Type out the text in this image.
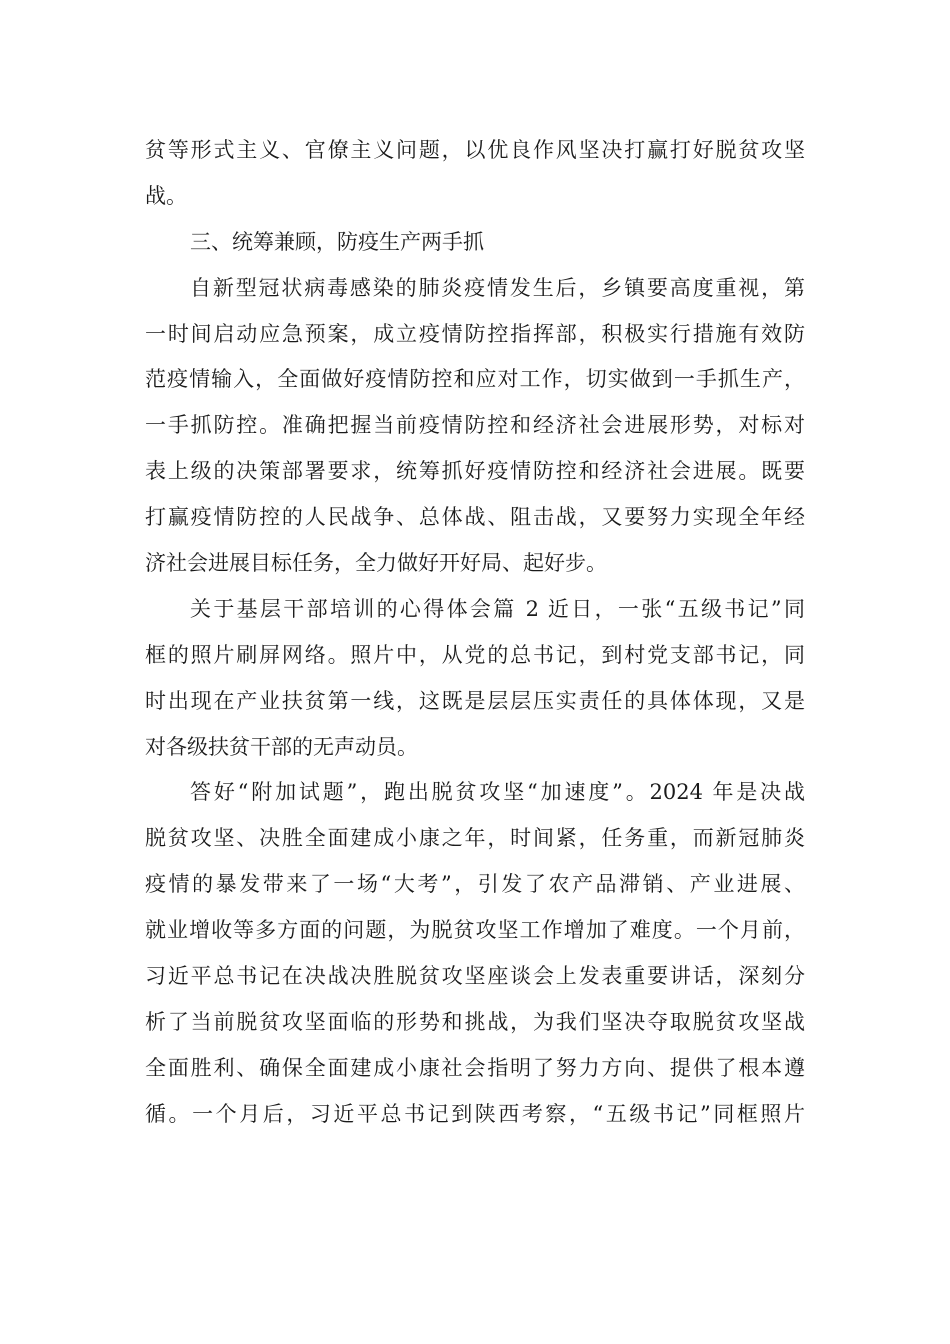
贫等形式主义、官僚主义问题，以优良作风坚决打赢打好脱贫攻坚
战。
三、统筹兼顾，防疫生产两手抓
自新型冠状病毒感染的肺炎疫情发生后，乡镇要高度重视，第
一时间启动应急预案，成立疫情防控指挥部，积极实行措施有效防
范疫情输入，全面做好疫情防控和应对工作，切实做到一手抓生产，
一手抓防控。准确把握当前疫情防控和经济社会进展形势，对标对
表上级的决策部署要求，统筹抓好疫情防控和经济社会进展。既要
打赢疫情防控的人民战争、总体战、阻击战，又要努力实现全年经
济社会进展目标任务，全力做好开好局、起好步。
关于基层干部培训的心得体会篇 2 近日，一张“五级书记”同
框的照片刷屏网络。照片中，从党的总书记，到村党支部书记，同
时出现在产业扶贫第一线，这既是层层压实责任的具体体现，又是
对各级扶贫干部的无声动员。
答好“附加试题”，跑出脱贫攻坚“加速度”。2024 年是决战
脱贫攻坚、决胜全面建成小康之年，时间紧，任务重，而新冠肺炎
疫情的暴发带来了一场“大考”，引发了农产品滞销、产业进展、
就业增收等多方面的问题，为脱贫攻坚工作增加了难度。一个月前，
习近平总书记在决战决胜脱贫攻坚座谈会上发表重要讲话，深刻分
析了当前脱贫攻坚面临的形势和挑战，为我们坚决夺取脱贫攻坚战
全面胜利、确保全面建成小康社会指明了努力方向、提供了根本遵
循。一个月后，习近平总书记到陕西考察，“五级书记”同框照片
